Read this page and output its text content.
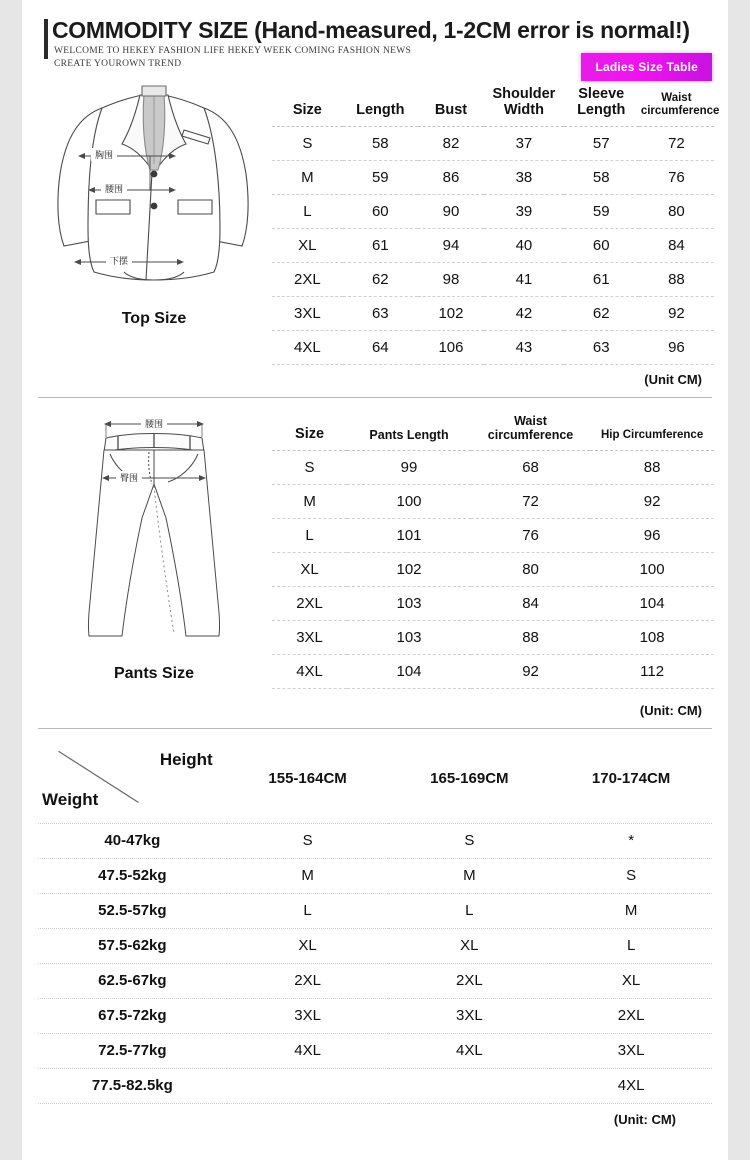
COMMODITY SIZE (Hand-measured, 1-2CM error is normal!)
WELCOME TO HEKEY FASHION LIFE HEKEY WEEK COMING FASHION NEWS
CREATE YOUROWN TREND	Ladies Size Table
胸围
腰围
下摆
Top Size
Size	Length	Bust	Shoulder Width	Sleeve Length	Waist circumference
S	58	82	37	57	72
M	59	86	38	58	76
L	60	90	39	59	80
XL	61	94	40	60	84
2XL	62	98	41	61	88
3XL	63	102	42	62	92
4XL	64	106	43	63	96
(Unit CM)
腰围
臀围
Pants Size
Size	Pants Length	Waist circumference	Hip Circumference
S	99	68	88
M	100	72	92
L	101	76	96
XL	102	80	100
2XL	103	84	104
3XL	103	88	108
4XL	104	92	112
(Unit: CM)
Height
Weight	155-164CM	165-169CM	170-174CM
40-47kg	S	S	*
47.5-52kg	M	M	S
52.5-57kg	L	L	M
57.5-62kg	XL	XL	L
62.5-67kg	2XL	2XL	XL
67.5-72kg	3XL	3XL	2XL
72.5-77kg	4XL	4XL	3XL
77.5-82.5kg			4XL
(Unit: CM)
